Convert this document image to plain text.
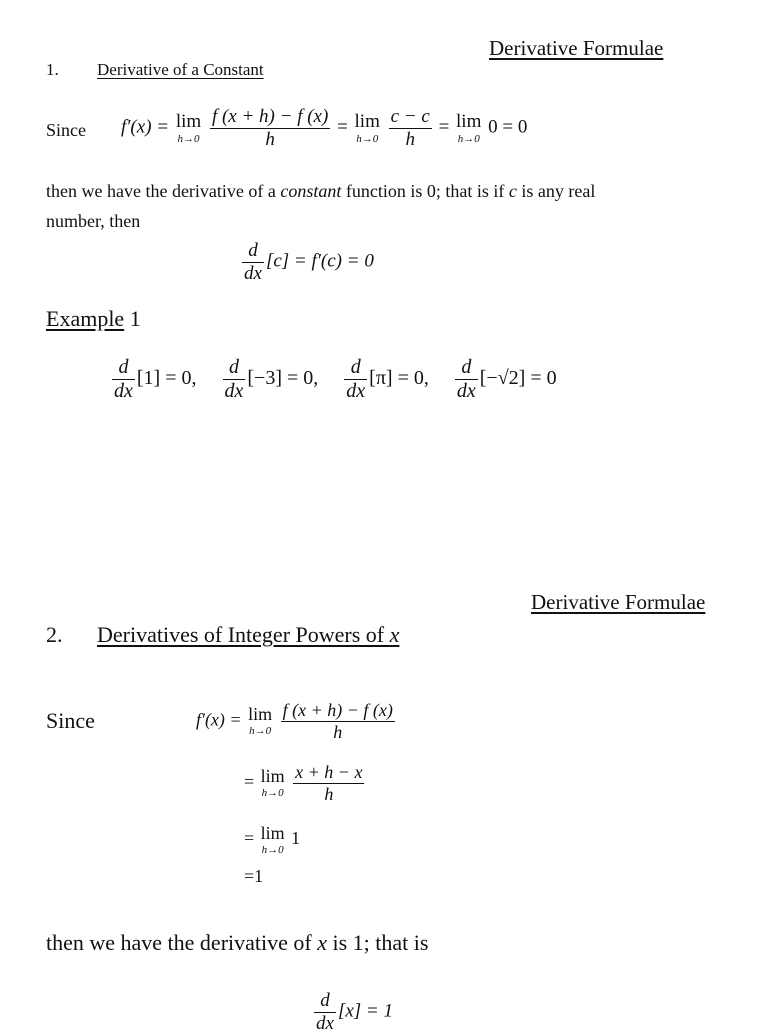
Derivative Formulae
1. Derivative of a Constant
Since f′(x) = lim
h→0
$\frac{f (x + h) - f (x)}{h} = \lim$
h→0
$\frac{c - c}{h} = \lim$
h→0
0 = 0
then we have the derivative of a constant function is 0; that is if c is any real
number, then
$\frac{d}{dx} [c] = f'(c) = 0$
Example 1
$\frac{d}{dx} [1] = 0$, $\frac{d}{dx} [-3] = 0$, $\frac{d}{dx} [\pi] = 0$, $\frac{d}{dx} [-√2] = 0$
Derivative Formulae
2. Derivatives of Integer Powers of x
Since	f′(x) = lim
h→0
$\frac{f (x + h) - f (x)}{h}$
= lim
h→0
$\frac{x + h - x}{h}$
= lim
h→0
1
=1
then we have the derivative of x is 1; that is
$\frac{d}{dx} [x] = 1$
